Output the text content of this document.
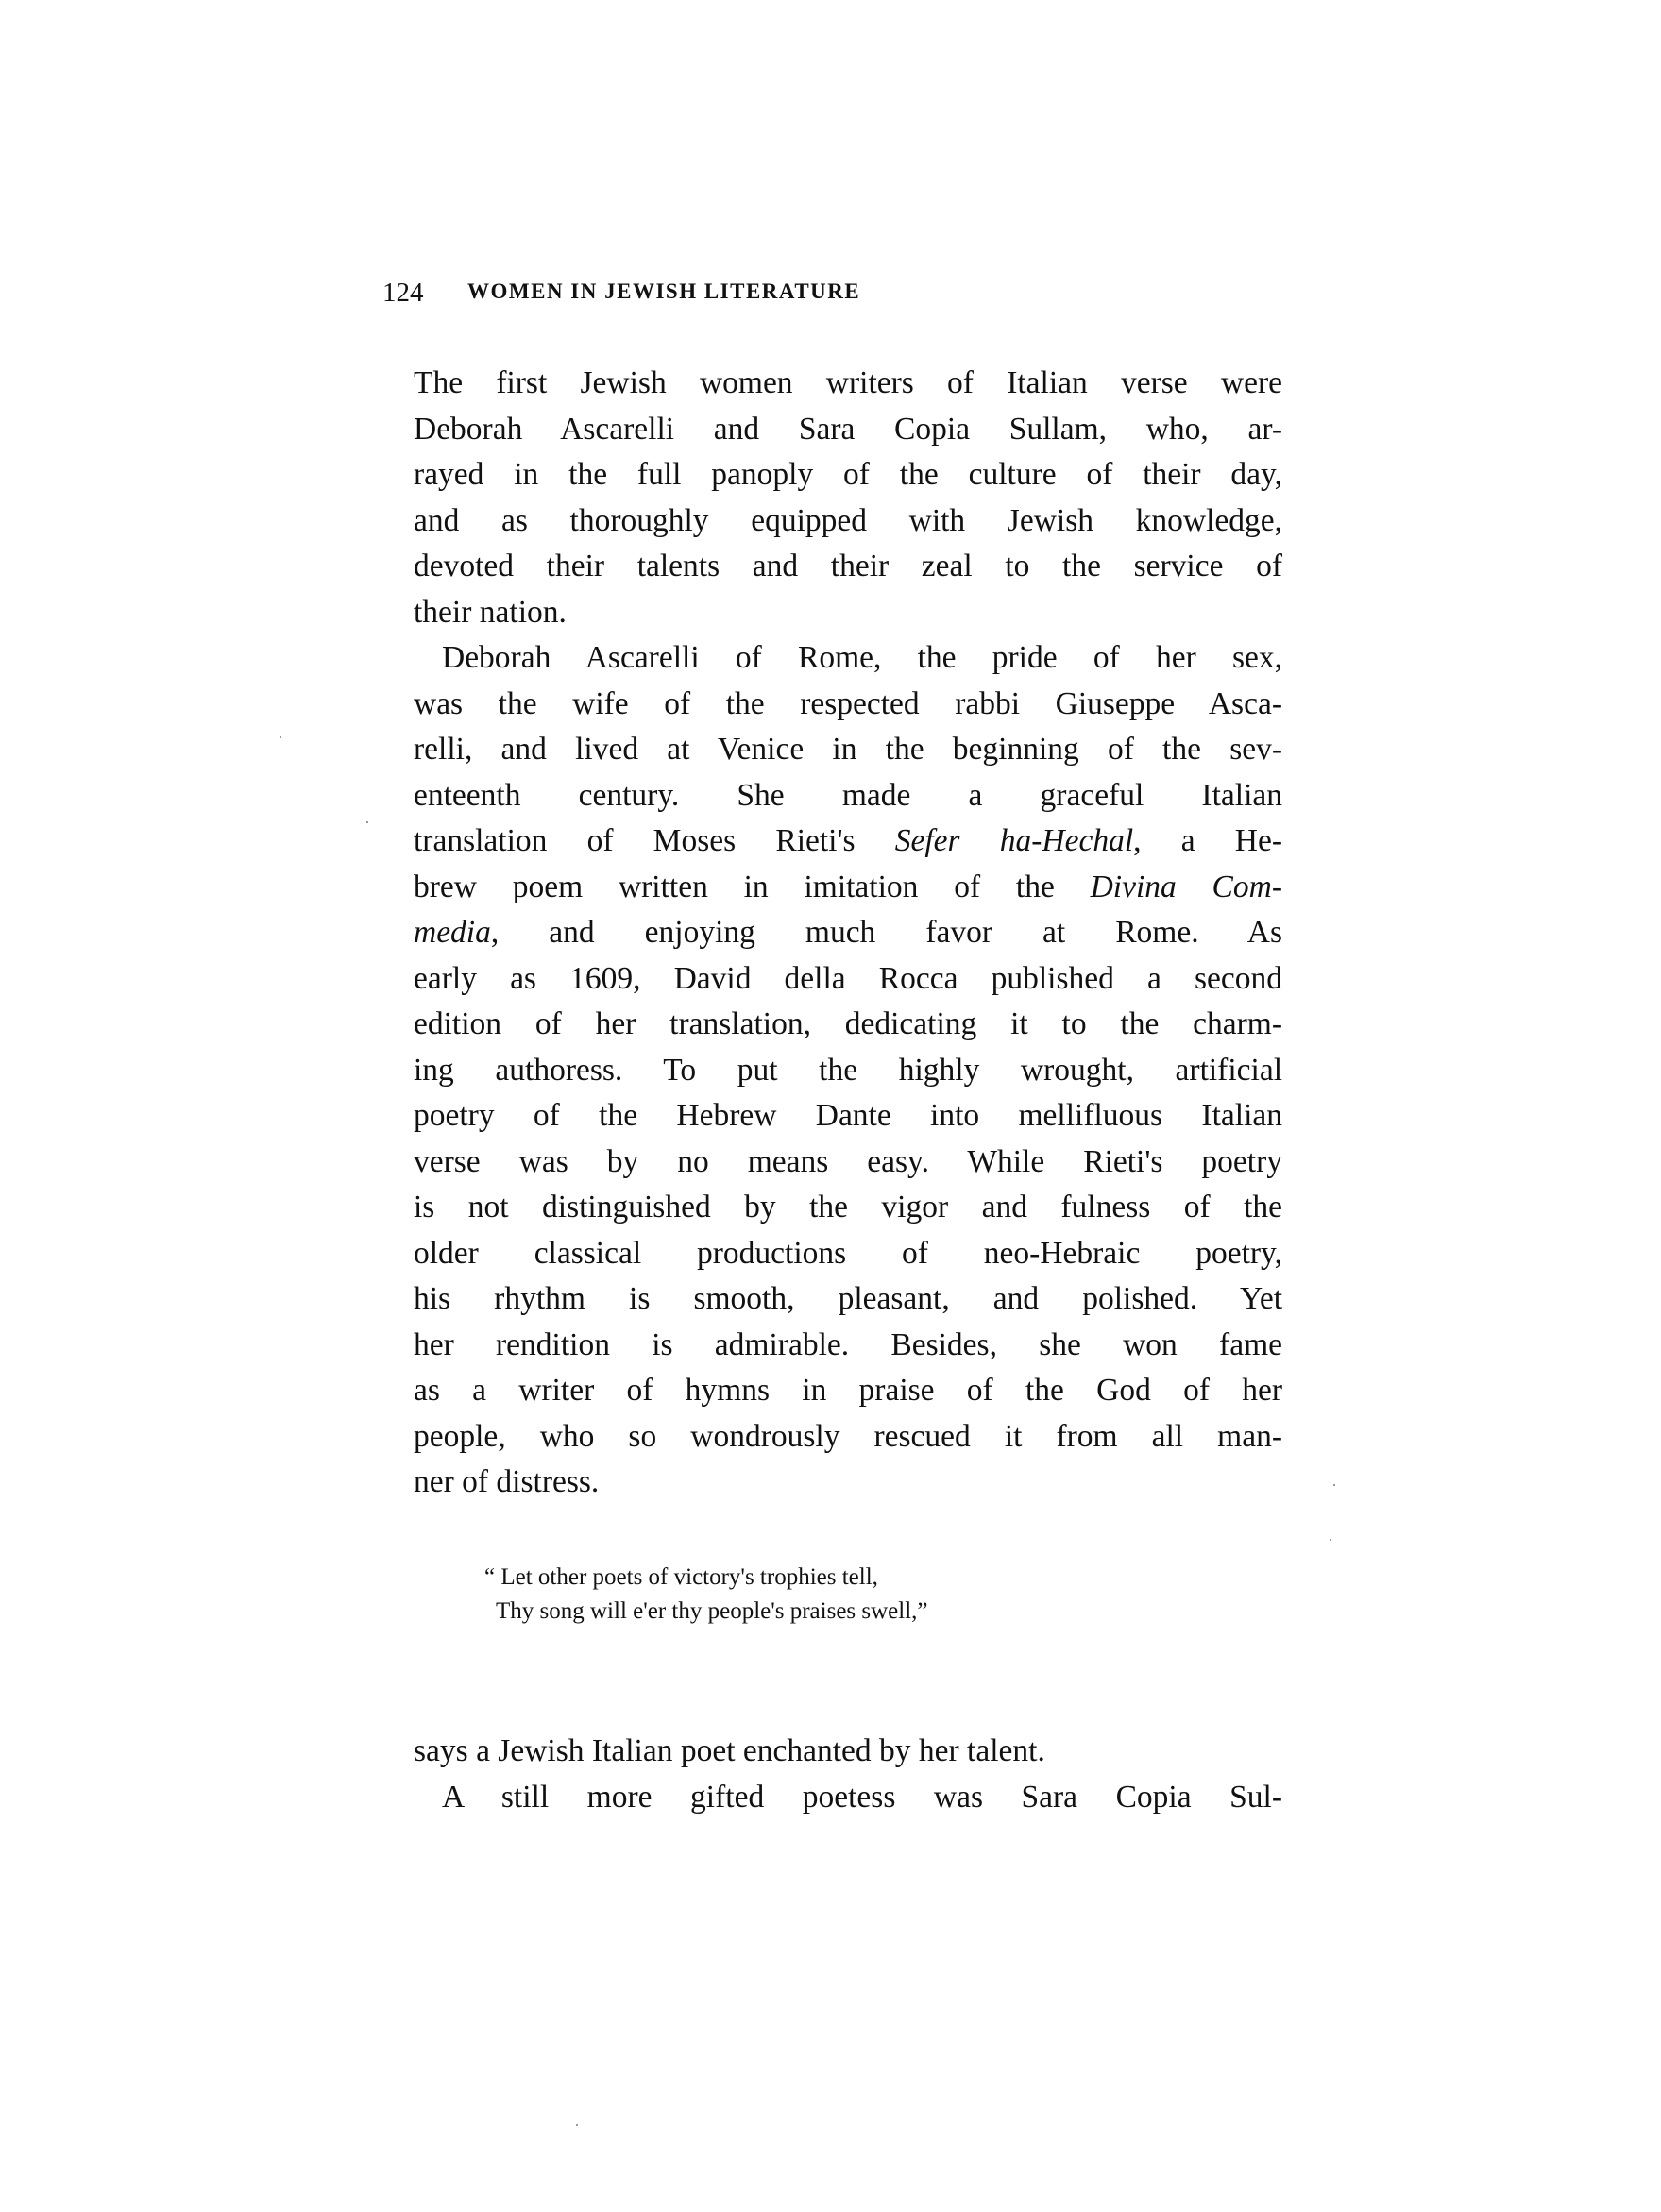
124 WOMEN IN JEWISH LITERATURE
The first Jewish women writers of Italian verse were
Deborah Ascarelli and Sara Copia Sullam, who, ar-
rayed in the full panoply of the culture of their day,
and as thoroughly equipped with Jewish knowledge,
devoted their talents and their zeal to the service of
their nation.
Deborah Ascarelli of Rome, the pride of her sex,
was the wife of the respected rabbi Giuseppe Asca-
relli, and lived at Venice in the beginning of the sev-
enteenth century. She made a graceful Italian
translation of Moses Rieti's Sefer ha-Hechal, a He-
brew poem written in imitation of the Divina Com-
media, and enjoying much favor at Rome. As
early as 1609, David della Rocca published a second
edition of her translation, dedicating it to the charm-
ing authoress. To put the highly wrought, artificial
poetry of the Hebrew Dante into mellifluous Italian
verse was by no means easy. While Rieti's poetry
is not distinguished by the vigor and fulness of the
older classical productions of neo-Hebraic poetry,
his rhythm is smooth, pleasant, and polished. Yet
her rendition is admirable. Besides, she won fame
as a writer of hymns in praise of the God of her
people, who so wondrously rescued it from all man-
ner of distress.
“ Let other poets of victory's trophies tell,
Thy song will e'er thy people's praises swell,”
says a Jewish Italian poet enchanted by her talent.
A still more gifted poetess was Sara Copia Sul-
